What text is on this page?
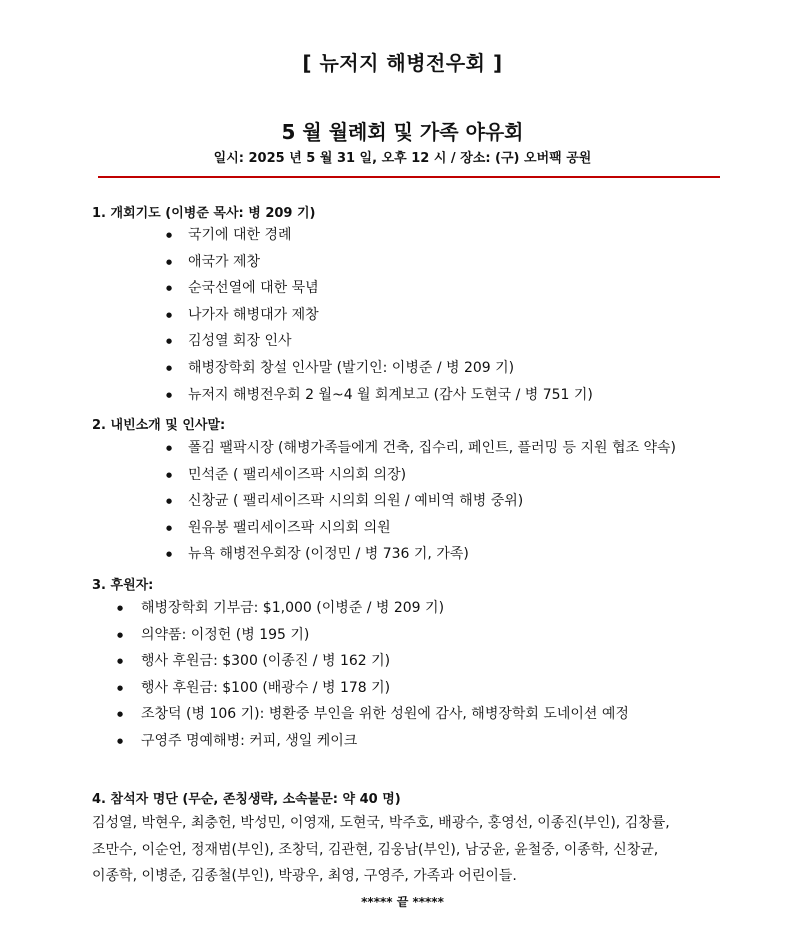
[ 뉴저지 해병전우회 ]
5 월 월례회 및 가족 야유회
일시: 2025 년 5 월 31 일, 오후 12 시 / 장소: (구) 오버팩 공원
1. 개회기도 (이병준 목사: 병 209 기)
● 국기에 대한 경례
● 애국가 제창
● 순국선열에 대한 묵념
● 나가자 해병대가 제창
● 김성열 회장 인사
● 해병장학회 창설 인사말 (발기인: 이병준 / 병 209 기)
● 뉴저지 해병전우회 2 월~4 월 회계보고 (감사 도현국 / 병 751 기)
2. 내빈소개 및 인사말:
● 폴김 팰팍시장 (해병가족들에게 건축, 집수리, 페인트, 플러밍 등 지원 협조 약속)
● 민석준 ( 팰리세이즈팍 시의회 의장)
● 신창균 ( 팰리세이즈팍 시의회 의원 / 예비역 해병 중위)
● 원유봉 팰리세이즈팍 시의회 의원
● 뉴욕 해병전우회장 (이정민 / 병 736 기, 가족)
3. 후원자:
● 해병장학회 기부금: $1,000 (이병준 / 병 209 기)
● 의약품: 이정헌 (병 195 기)
● 행사 후원금: $300 (이종진 / 병 162 기)
● 행사 후원금: $100 (배광수 / 병 178 기)
● 조창덕 (병 106 기): 병환중 부인을 위한 성원에 감사, 해병장학회 도네이션 예정
● 구영주 명예해병: 커피, 생일 케이크
4. 참석자 명단 (무순, 존칭생략, 소속불문: 약 40 명)
김성열, 박현우, 최충헌, 박성민, 이영재, 도현국, 박주호, 배광수, 홍영선, 이종진(부인), 김창률,
조만수, 이순언, 정재범(부인), 조창덕, 김관현, 김웅남(부인), 남궁윤, 윤철중, 이종학, 신창균,
이종학, 이병준, 김종철(부인), 박광우, 최영, 구영주, 가족과 어린이들.
***** 끝 *****
